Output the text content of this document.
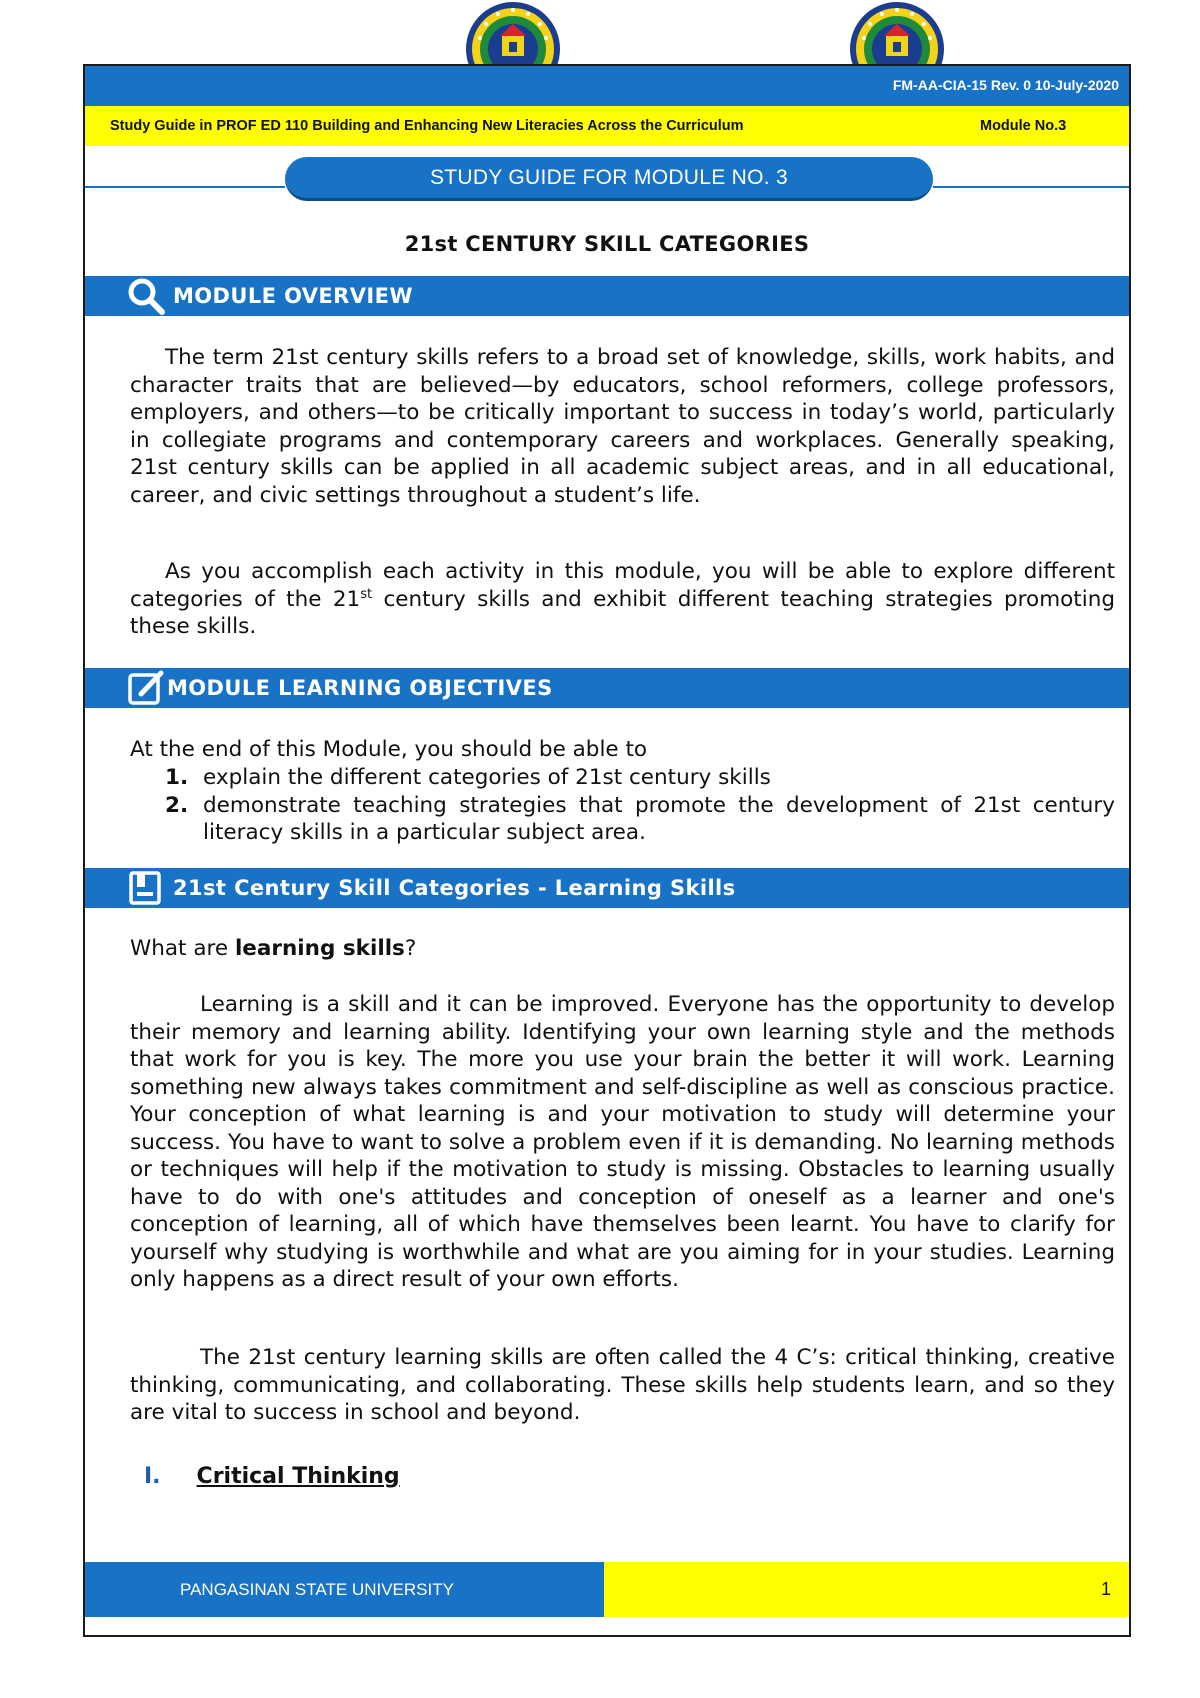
FM-AA-CIA-15 Rev. 0 10-July-2020
Study Guide in PROF ED 110 Building and Enhancing New Literacies Across the Curriculum	Module No.3
STUDY GUIDE FOR MODULE NO. 3
21st CENTURY SKILL CATEGORIES
MODULE OVERVIEW

The term 21st century skills refers to a broad set of knowledge, skills, work habits, and character traits that are believed—by educators, school reformers, college professors, employers, and others—to be critically important to success in today’s world, particularly in collegiate programs and contemporary careers and workplaces. Generally speaking, 21st century skills can be applied in all academic subject areas, and in all educational, career, and civic settings throughout a student’s life.

As you accomplish each activity in this module, you will be able to explore different categories of the 21st century skills and exhibit different teaching strategies promoting these skills.

MODULE LEARNING OBJECTIVES

At the end of this Module, you should be able to

1. explain the different categories of 21st century skills
2. demonstrate teaching strategies that promote the development of 21st century literacy skills in a particular subject area.
21st Century Skill Categories - Learning Skills

What are learning skills?

Learning is a skill and it can be improved. Everyone has the opportunity to develop their memory and learning ability. Identifying your own learning style and the methods that work for you is key. The more you use your brain the better it will work. Learning something new always takes commitment and self-discipline as well as conscious practice. Your conception of what learning is and your motivation to study will determine your success. You have to want to solve a problem even if it is demanding. No learning methods or techniques will help if the motivation to study is missing. Obstacles to learning usually have to do with one's attitudes and conception of oneself as a learner and one's conception of learning, all of which have themselves been learnt. You have to clarify for yourself why studying is worthwhile and what are you aiming for in your studies. Learning only happens as a direct result of your own efforts.

The 21st century learning skills are often called the 4 C’s: critical thinking, creative thinking, communicating, and collaborating. These skills help students learn, and so they are vital to success in school and beyond.

I. Critical Thinking
PANGASINAN STATE UNIVERSITY	1
